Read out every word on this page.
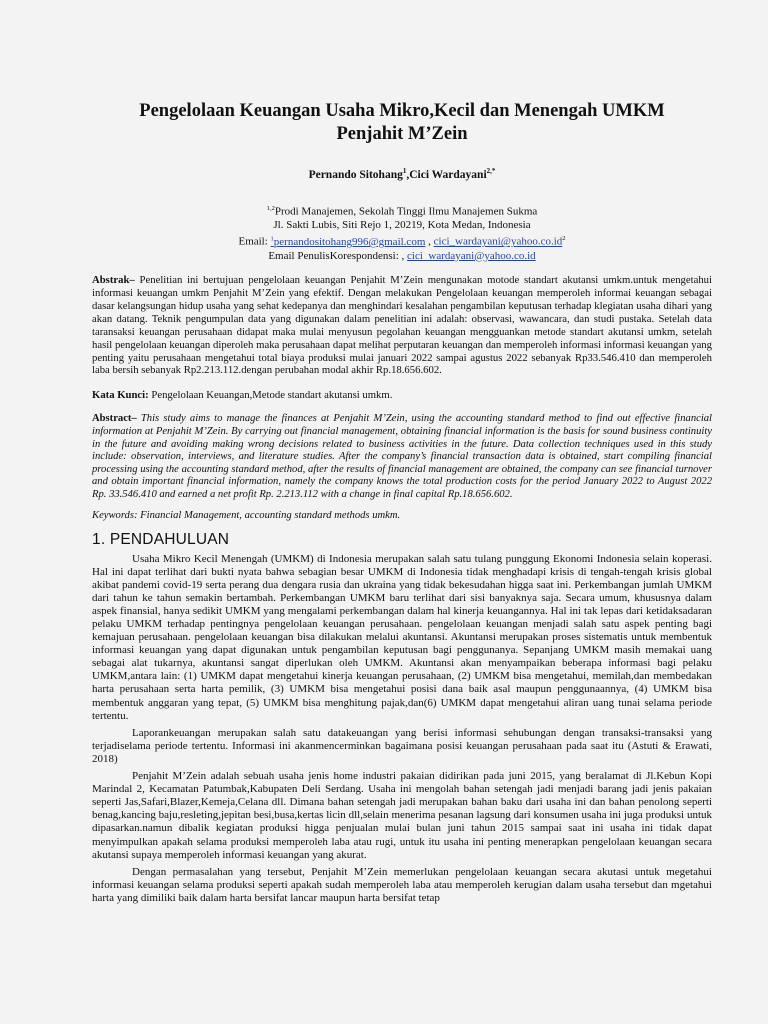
Pengelolaan Keuangan Usaha Mikro,Kecil dan Menengah UMKM
Penjahit M’Zein
Pernando Sitohang$^1$,Cici Wardayani$^{2,*}$
$^{1,2}$Prodi Manajemen, Sekolah Tinggi Ilmu Manajemen Sukma
Jl. Sakti Lubis, Siti Rejo 1, 20219, Kota Medan, Indonesia
Email: $^1$pernandositohang996@gmail.com , $cici\_wardayani@yahoo.co.id^2$
Email PenulisKorespondensi: , cici_wardayani@yahoo.co.id
Abstrak– Penelitian ini bertujuan pengelolaan keuangan Penjahit M’Zein mengunakan motode standart akutansi umkm.untuk mengetahui informasi keuangan umkm Penjahit M’Zein yang efektif. Dengan melakukan Pengelolaan keuangan memperoleh informai keuangan sebagai dasar kelangsungan hidup usaha yang sehat kedepanya dan menghindari kesalahan pengambilan keputusan terhadap klegiatan usaha dihari yang akan datang. Teknik pengumpulan data yang digunakan dalam penelitian ini adalah: observasi, wawancara, dan studi pustaka. Setelah data taransaksi keuangan perusahaan didapat maka mulai menyusun pegolahan keuangan mengguankan metode standart akutansi umkm, setelah hasil pengelolaan keuangan diperoleh maka perusahaan dapat melihat perputaran keuangan dan memperoleh informasi informasi keuangan yang penting yaitu perusahaan mengetahui total biaya produksi mulai januari 2022 sampai agustus 2022 sebanyak Rp33.546.410 dan memperoleh laba bersih sebanyak Rp2.213.112.dengan perubahan modal akhir Rp.18.656.602.
Kata Kunci: Pengelolaan Keuangan,Metode standart akutansi umkm.
Abstract– This study aims to manage the finances at Penjahit M’Zein, using the accounting standard method to find out effective financial information at Penjahit M’Zein. By carrying out financial management, obtaining financial information is the basis for sound business continuity in the future and avoiding making wrong decisions related to business activities in the future. Data collection techniques used in this study include: observation, interviews, and literature studies. After the company’s financial transaction data is obtained, start compiling financial processing using the accounting standard method, after the results of financial management are obtained, the company can see financial turnover and obtain important financial information, namely the company knows the total production costs for the period January 2022 to August 2022 Rp. 33.546.410 and earned a net profit Rp. 2.213.112 with a change in final capital Rp.18.656.602.
Keywords: Financial Management, accounting standard methods umkm.
1. PENDAHULUAN

Usaha Mikro Kecil Menengah (UMKM) di Indonesia merupakan salah satu tulang punggung Ekonomi Indonesia selain koperasi. Hal ini dapat terlihat dari bukti nyata bahwa sebagian besar UMKM di Indonesia tidak menghadapi krisis di tengah-tengah krisis global akibat pandemi covid-19 serta perang dua dengara rusia dan ukraina yang tidak bekesudahan higga saat ini. Perkembangan jumlah UMKM dari tahun ke tahun semakin bertambah. Perkembangan UMKM baru terlihat dari sisi banyaknya saja. Secara umum, khususnya dalam aspek finansial, hanya sedikit UMKM yang mengalami perkembangan dalam hal kinerja keuangannya. Hal ini tak lepas dari ketidaksadaran pelaku UMKM terhadap pentingnya pengelolaan keuangan perusahaan. pengelolaan keuangan menjadi salah satu aspek penting bagi kemajuan perusahaan. pengelolaan keuangan bisa dilakukan melalui akuntansi. Akuntansi merupakan proses sistematis untuk membentuk informasi keuangan yang dapat digunakan untuk pengambilan keputusan bagi penggunanya. Sepanjang UMKM masih memakai uang sebagai alat tukarnya, akuntansi sangat diperlukan oleh UMKM. Akuntansi akan menyampaikan beberapa informasi bagi pelaku UMKM,antara lain: (1) UMKM dapat mengetahui kinerja keuangan perusahaan, (2) UMKM bisa mengetahui, memilah,dan membedakan harta perusahaan serta harta pemilik, (3) UMKM bisa mengetahui posisi dana baik asal maupun penggunaannya, (4) UMKM bisa membentuk anggaran yang tepat, (5) UMKM bisa menghitung pajak,dan(6) UMKM dapat mengetahui aliran uang tunai selama periode tertentu.

Laporankeuangan merupakan salah satu datakeuangan yang berisi informasi sehubungan dengan transaksi-transaksi yang terjadiselama periode tertentu. Informasi ini akanmencerminkan bagaimana posisi keuangan perusahaan pada saat itu (Astuti & Erawati, 2018)

Penjahit M’Zein adalah sebuah usaha jenis home industri pakaian didirikan pada juni 2015, yang beralamat di Jl.Kebun Kopi Marindal 2, Kecamatan Patumbak,Kabupaten Deli Serdang. Usaha ini mengolah bahan setengah jadi menjadi barang jadi jenis pakaian seperti Jas,Safari,Blazer,Kemeja,Celana dll. Dimana bahan setengah jadi merupakan bahan baku dari usaha ini dan bahan penolong seperti benag,kancing baju,resleting,jepitan besi,busa,kertas licin dll,selain menerima pesanan lagsung dari konsumen usaha ini juga produksi untuk dipasarkan.namun dibalik kegiatan produksi higga penjualan mulai bulan juni tahun 2015 sampai saat ini usaha ini tidak dapat menyimpulkan apakah selama produksi memperoleh laba atau rugi, untuk itu usaha ini penting menerapkan pengelolaan keuangan secara akutansi supaya memperoleh informasi keuangan yang akurat.

Dengan permasalahan yang tersebut, Penjahit M’Zein memerlukan pengelolaan keuangan secara akutasi untuk megetahui informasi keuangan selama produksi seperti apakah sudah memperoleh laba atau memperoleh kerugian dalam usaha tersebut dan mgetahui harta yang dimiliki baik dalam harta bersifat lancar maupun harta bersifat tetap
